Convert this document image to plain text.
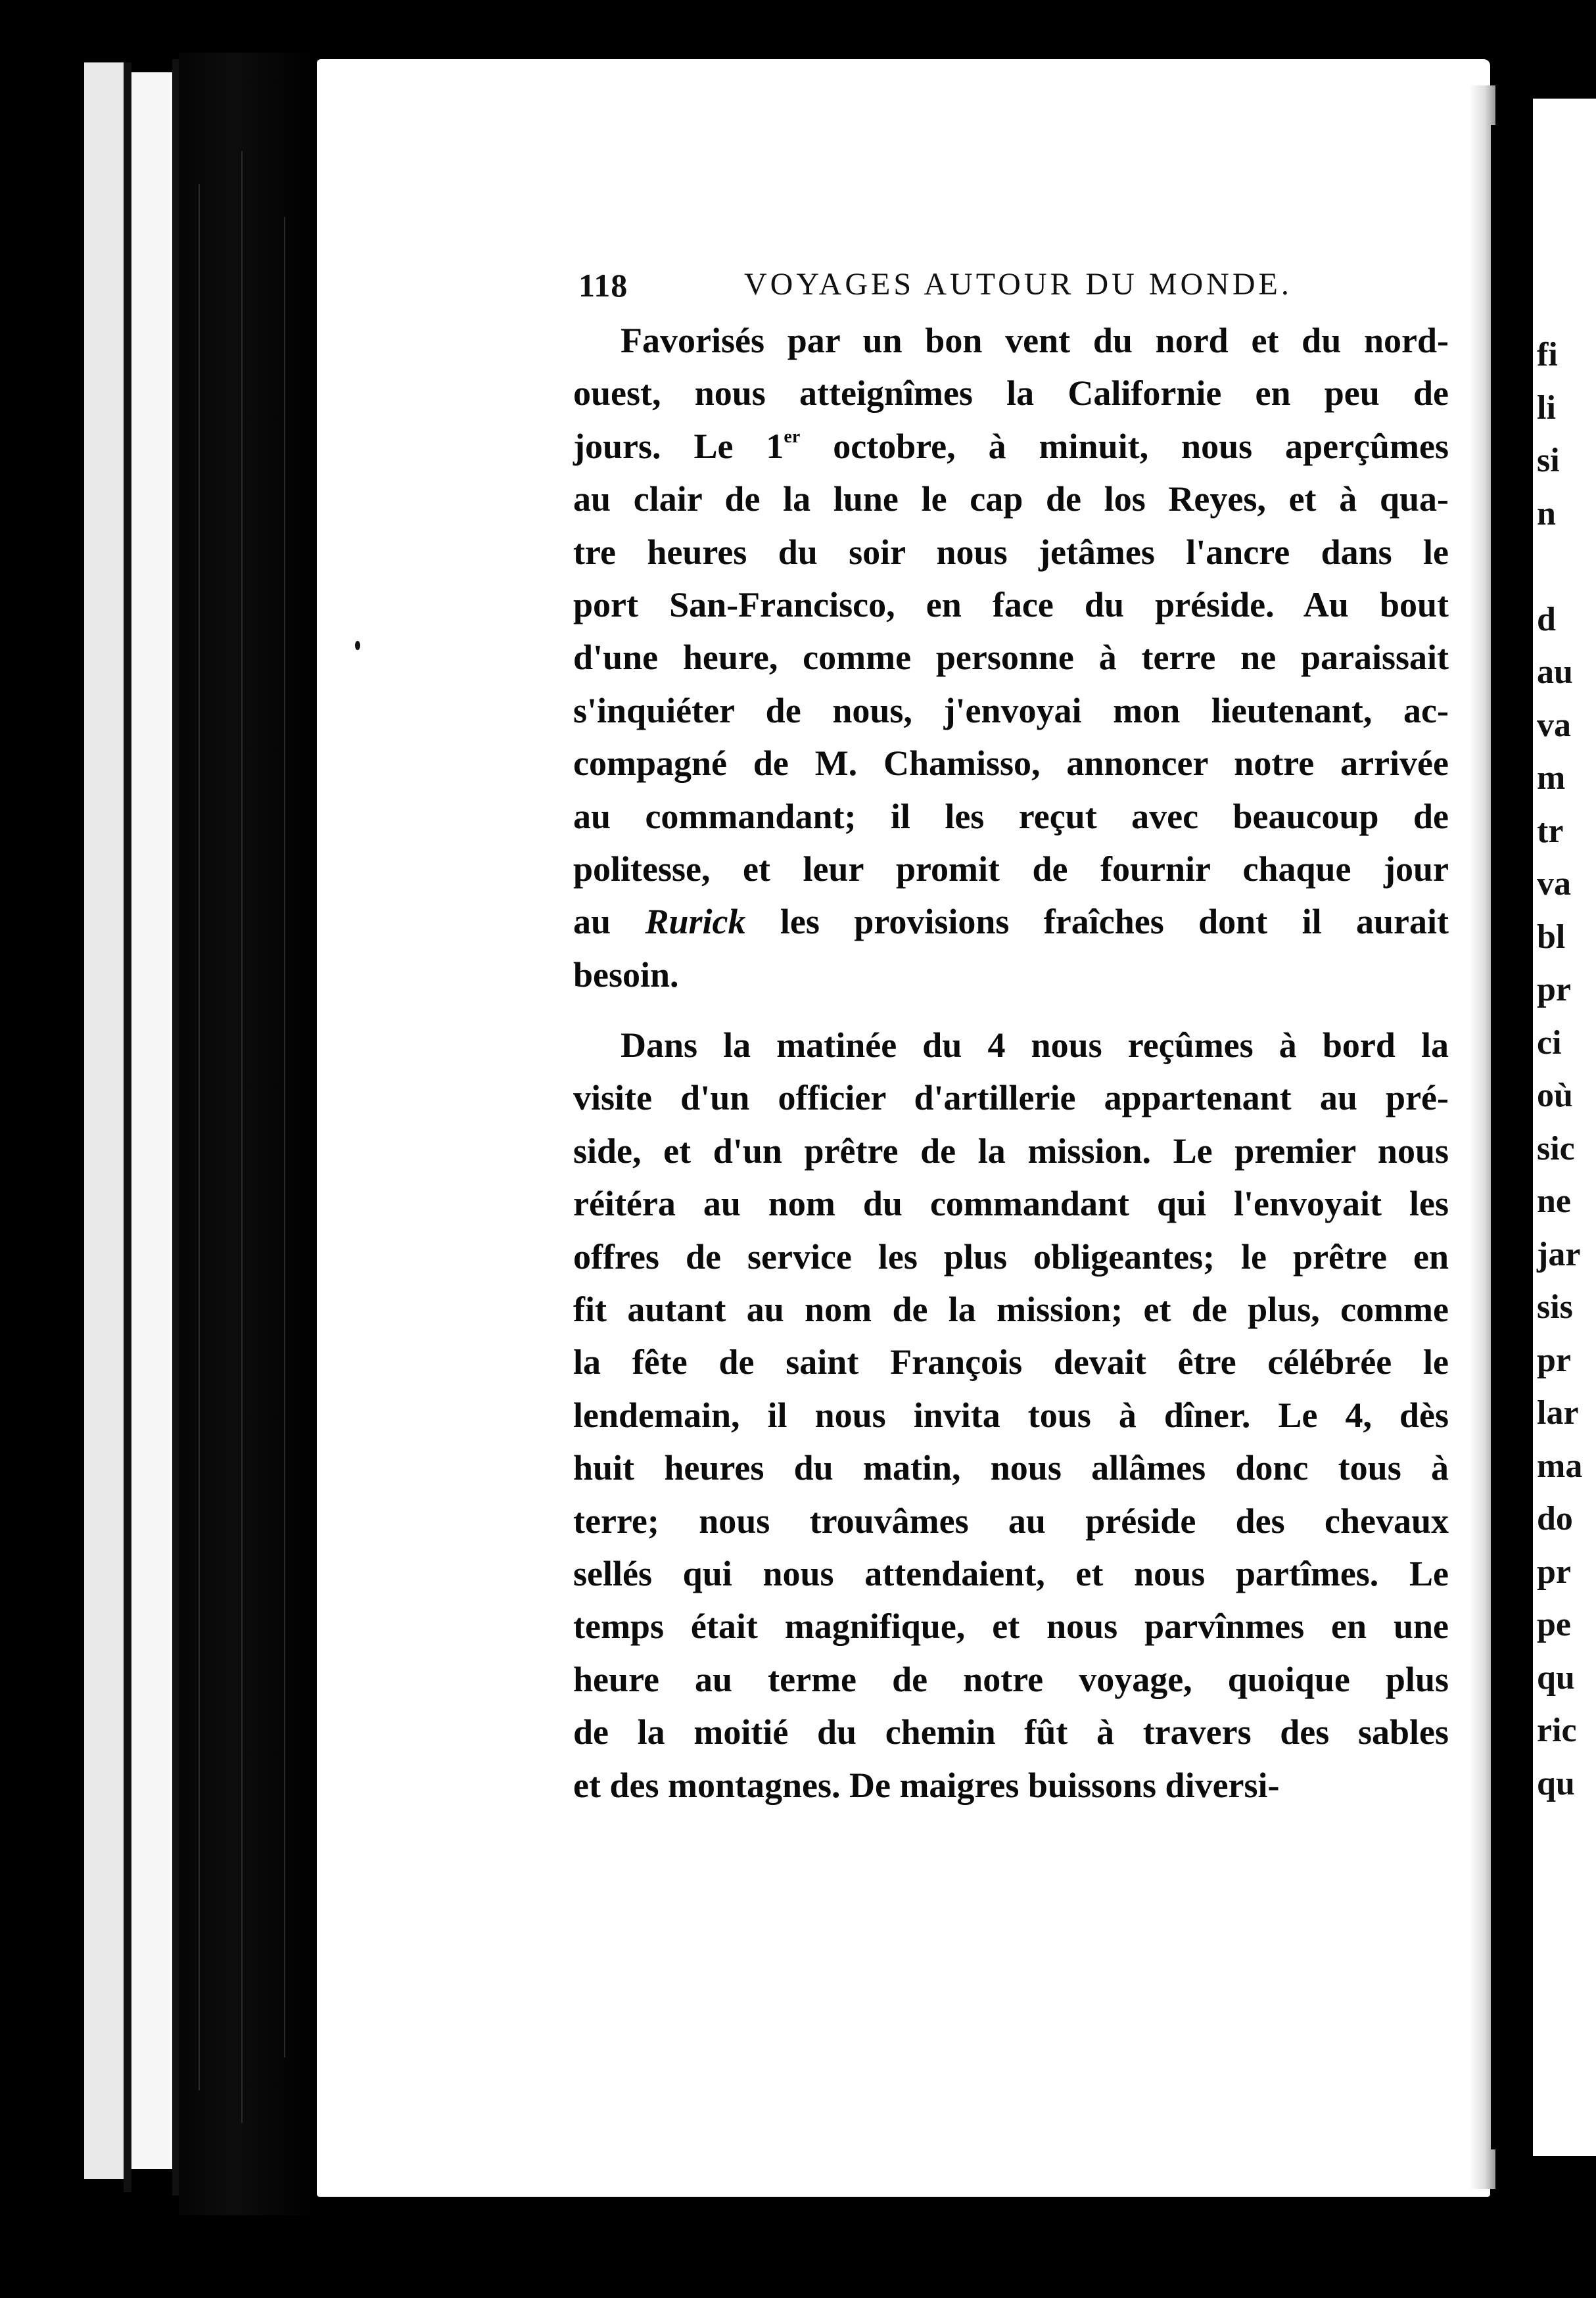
fi
li
si
n

d
au
va
m
tr
va
bl
pr
ci
où
sic
ne
jar
sis
pr
lar
ma
do
pr
pe
qu
ric
qu
118	VOYAGES AUTOUR DU MONDE.
Favorisés par un bon vent du nord et du nord-
ouest, nous atteignîmes la Californie en peu de
jours. Le 1er octobre, à minuit, nous aperçûmes
au clair de la lune le cap de los Reyes, et à qua-
tre heures du soir nous jetâmes l'ancre dans le
port San-Francisco, en face du préside. Au bout
d'une heure, comme personne à terre ne paraissait
s'inquiéter de nous, j'envoyai mon lieutenant, ac-
compagné de M. Chamisso, annoncer notre arrivée
au commandant; il les reçut avec beaucoup de
politesse, et leur promit de fournir chaque jour
au Rurick les provisions fraîches dont il aurait
besoin.
Dans la matinée du 4 nous reçûmes à bord la
visite d'un officier d'artillerie appartenant au pré-
side, et d'un prêtre de la mission. Le premier nous
réitéra au nom du commandant qui l'envoyait les
offres de service les plus obligeantes; le prêtre en
fit autant au nom de la mission; et de plus, comme
la fête de saint François devait être célébrée le
lendemain, il nous invita tous à dîner. Le 4, dès
huit heures du matin, nous allâmes donc tous à
terre; nous trouvâmes au préside des chevaux
sellés qui nous attendaient, et nous partîmes. Le
temps était magnifique, et nous parvînmes en une
heure au terme de notre voyage, quoique plus
de la moitié du chemin fût à travers des sables
et des montagnes. De maigres buissons diversi-
